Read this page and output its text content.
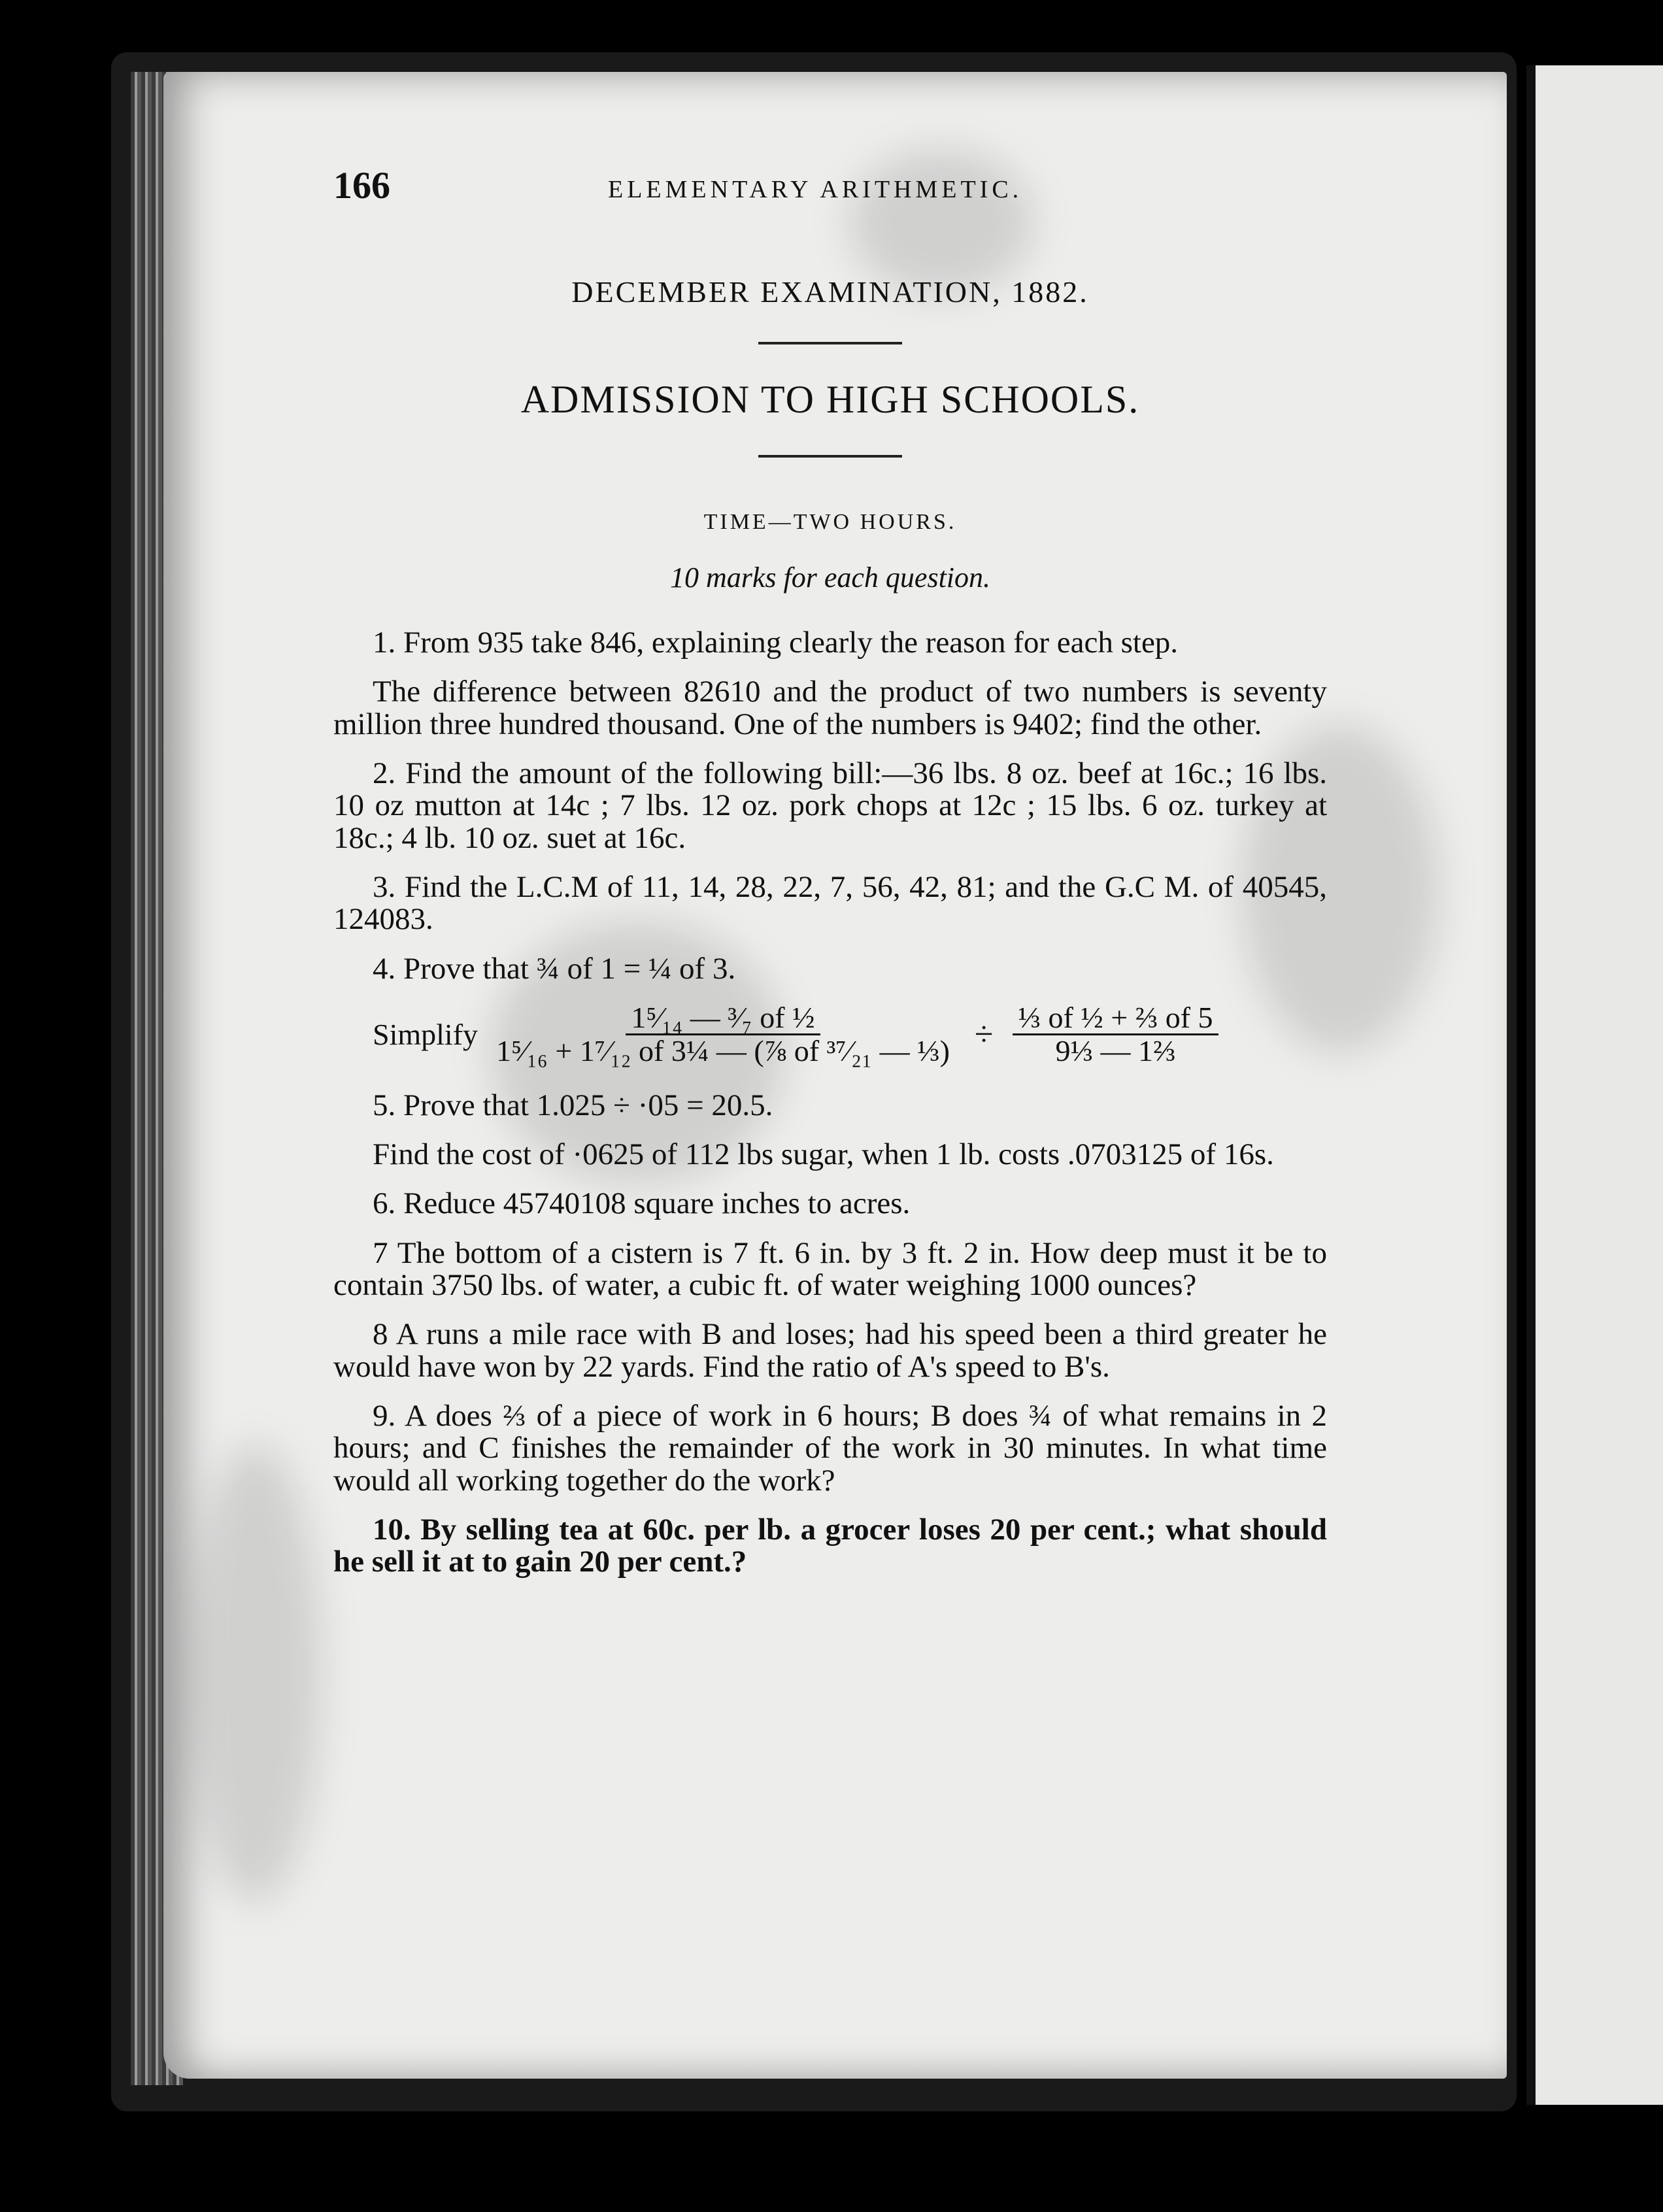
166	ELEMENTARY ARITHMETIC.
DECEMBER EXAMINATION, 1882.
ADMISSION TO HIGH SCHOOLS.
TIME—TWO HOURS.
10 marks for each question.

1. From 935 take 846, explaining clearly the reason for each step.

The difference between 82610 and the product of two numbers is seventy million three hundred thousand. One of the numbers is 9402; find the other.

2. Find the amount of the following bill:—36 lbs. 8 oz. beef at 16c.; 16 lbs. 10 oz mutton at 14c ; 7 lbs. 12 oz. pork chops at 12c ; 15 lbs. 6 oz. turkey at 18c.; 4 lb. 10 oz. suet at 16c.

3. Find the L.C.M of 11, 14, 28, 22, 7, 56, 42, 81; and the G.C M. of 40545, 124083.

4. Prove that ¾ of 1 = ¼ of 3.

Simplify $\frac{\text{1⁵⁄₁₄ — ³⁄₇ of ½}}{\text{1⁵⁄₁₆ + 1⁷⁄₁₂ of 3¼ — (⅞ of ³⁷⁄₂₁ — ⅓)}} \div \frac{\text{⅓ of ½ + ⅔ of 5}}{\text{9⅓ — 1⅔}}$

5. Prove that 1.025 ÷ ·05 = 20.5.

Find the cost of ·0625 of 112 lbs sugar, when 1 lb. costs .0703125 of 16s.

6. Reduce 45740108 square inches to acres.

7 The bottom of a cistern is 7 ft. 6 in. by 3 ft. 2 in. How deep must it be to contain 3750 lbs. of water, a cubic ft. of water weighing 1000 ounces?

8 A runs a mile race with B and loses; had his speed been a third greater he would have won by 22 yards. Find the ratio of A's speed to B's.

9. A does ⅔ of a piece of work in 6 hours; B does ¾ of what remains in 2 hours; and C finishes the remainder of the work in 30 minutes. In what time would all working together do the work?

10. By selling tea at 60c. per lb. a grocer loses 20 per cent.; what should he sell it at to gain 20 per cent.?
